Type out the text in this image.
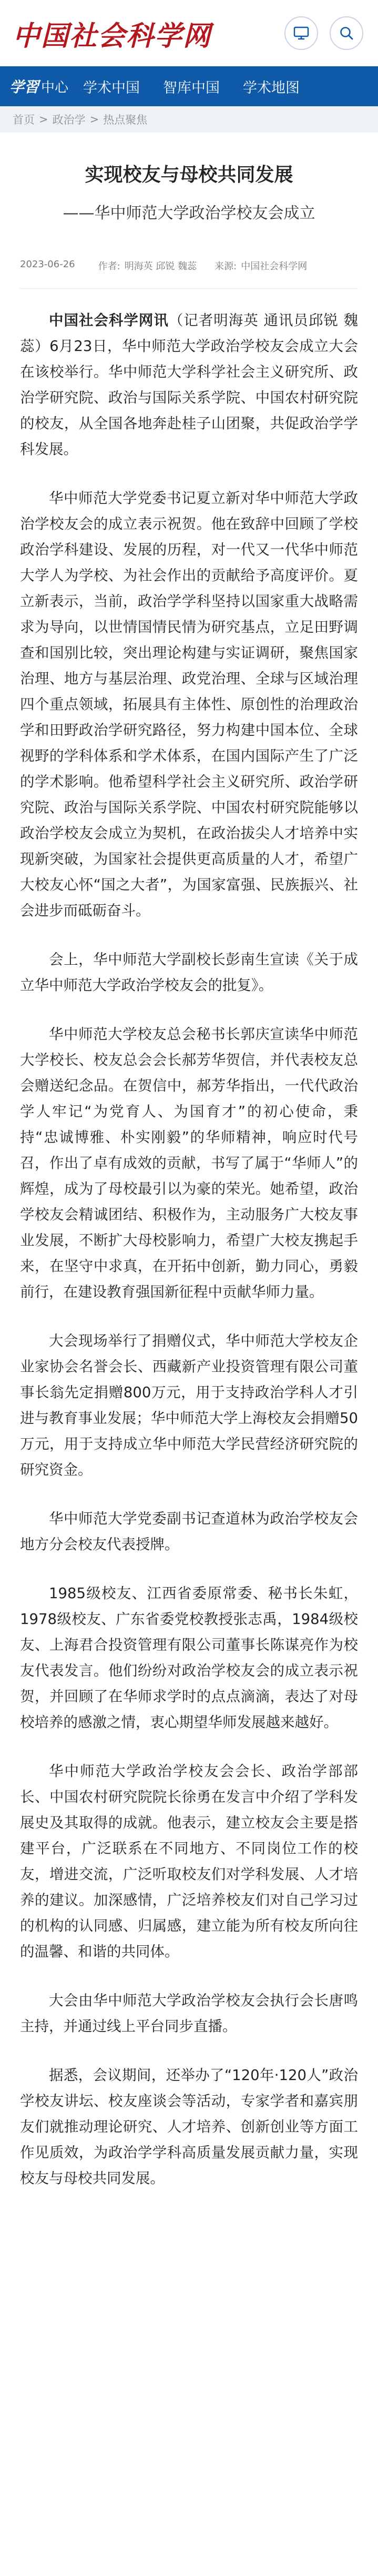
中国社会科学网
学習 中心 学术中国 智库中国 学术地图
首页 > 政治学 > 热点聚焦
实现校友与母校共同发展
——华中师范大学政治学校友会成立
2023-06-26 作者: 明海英 邱锐 魏蕊 来源: 中国社会科学网

中国社会科学网讯（记者明海英 通讯员邱锐 魏蕊）6月23日，华中师范大学政治学校友会成立大会在该校举行。华中师范大学科学社会主义研究所、政治学研究院、政治与国际关系学院、中国农村研究院的校友，从全国各地奔赴桂子山团聚，共促政治学学科发展。

华中师范大学党委书记夏立新对华中师范大学政治学校友会的成立表示祝贺。他在致辞中回顾了学校政治学科建设、发展的历程，对一代又一代华中师范大学人为学校、为社会作出的贡献给予高度评价。夏立新表示，当前，政治学学科坚持以国家重大战略需求为导向，以世情国情民情为研究基点，立足田野调查和国别比较，突出理论构建与实证调研，聚焦国家治理、地方与基层治理、政党治理、全球与区域治理四个重点领域，拓展具有主体性、原创性的治理政治学和田野政治学研究路径，努力构建中国本位、全球视野的学科体系和学术体系，在国内国际产生了广泛的学术影响。他希望科学社会主义研究所、政治学研究院、政治与国际关系学院、中国农村研究院能够以政治学校友会成立为契机，在政治拔尖人才培养中实现新突破，为国家社会提供更高质量的人才，希望广大校友心怀“国之大者”，为国家富强、民族振兴、社会进步而砥砺奋斗。

会上，华中师范大学副校长彭南生宣读《关于成立华中师范大学政治学校友会的批复》。

华中师范大学校友总会秘书长郭庆宣读华中师范大学校长、校友总会会长郝芳华贺信，并代表校友总会赠送纪念品。在贺信中，郝芳华指出，一代代政治学人牢记“为党育人、为国育才”的初心使命，秉持“忠诚博雅、朴实刚毅”的华师精神，响应时代号召，作出了卓有成效的贡献，书写了属于“华师人”的辉煌，成为了母校最引以为豪的荣光。她希望，政治学校友会精诚团结、积极作为，主动服务广大校友事业发展，不断扩大母校影响力，希望广大校友携起手来，在坚守中求真，在开拓中创新，勤力同心，勇毅前行，在建设教育强国新征程中贡献华师力量。

大会现场举行了捐赠仪式，华中师范大学校友企业家协会名誉会长、西藏新产业投资管理有限公司董事长翁先定捐赠800万元，用于支持政治学科人才引进与教育事业发展；华中师范大学上海校友会捐赠50万元，用于支持成立华中师范大学民营经济研究院的研究资金。

华中师范大学党委副书记查道林为政治学校友会地方分会校友代表授牌。

1985级校友、江西省委原常委、秘书长朱虹，1978级校友、广东省委党校教授张志禹，1984级校友、上海君合投资管理有限公司董事长陈谋亮作为校友代表发言。他们纷纷对政治学校友会的成立表示祝贺，并回顾了在华师求学时的点点滴滴，表达了对母校培养的感激之情，衷心期望华师发展越来越好。

华中师范大学政治学校友会会长、政治学部部长、中国农村研究院院长徐勇在发言中介绍了学科发展史及其取得的成就。他表示，建立校友会主要是搭建平台，广泛联系在不同地方、不同岗位工作的校友，增进交流，广泛听取校友们对学科发展、人才培养的建议。加深感情，广泛培养校友们对自己学习过的机构的认同感、归属感，建立能为所有校友所向往的温馨、和谐的共同体。

大会由华中师范大学政治学校友会执行会长唐鸣主持，并通过线上平台同步直播。

据悉，会议期间，还举办了“120年·120人”政治学校友讲坛、校友座谈会等活动，专家学者和嘉宾朋友们就推动理论研究、人才培养、创新创业等方面工作见质效，为政治学学科高质量发展贡献力量，实现校友与母校共同发展。
